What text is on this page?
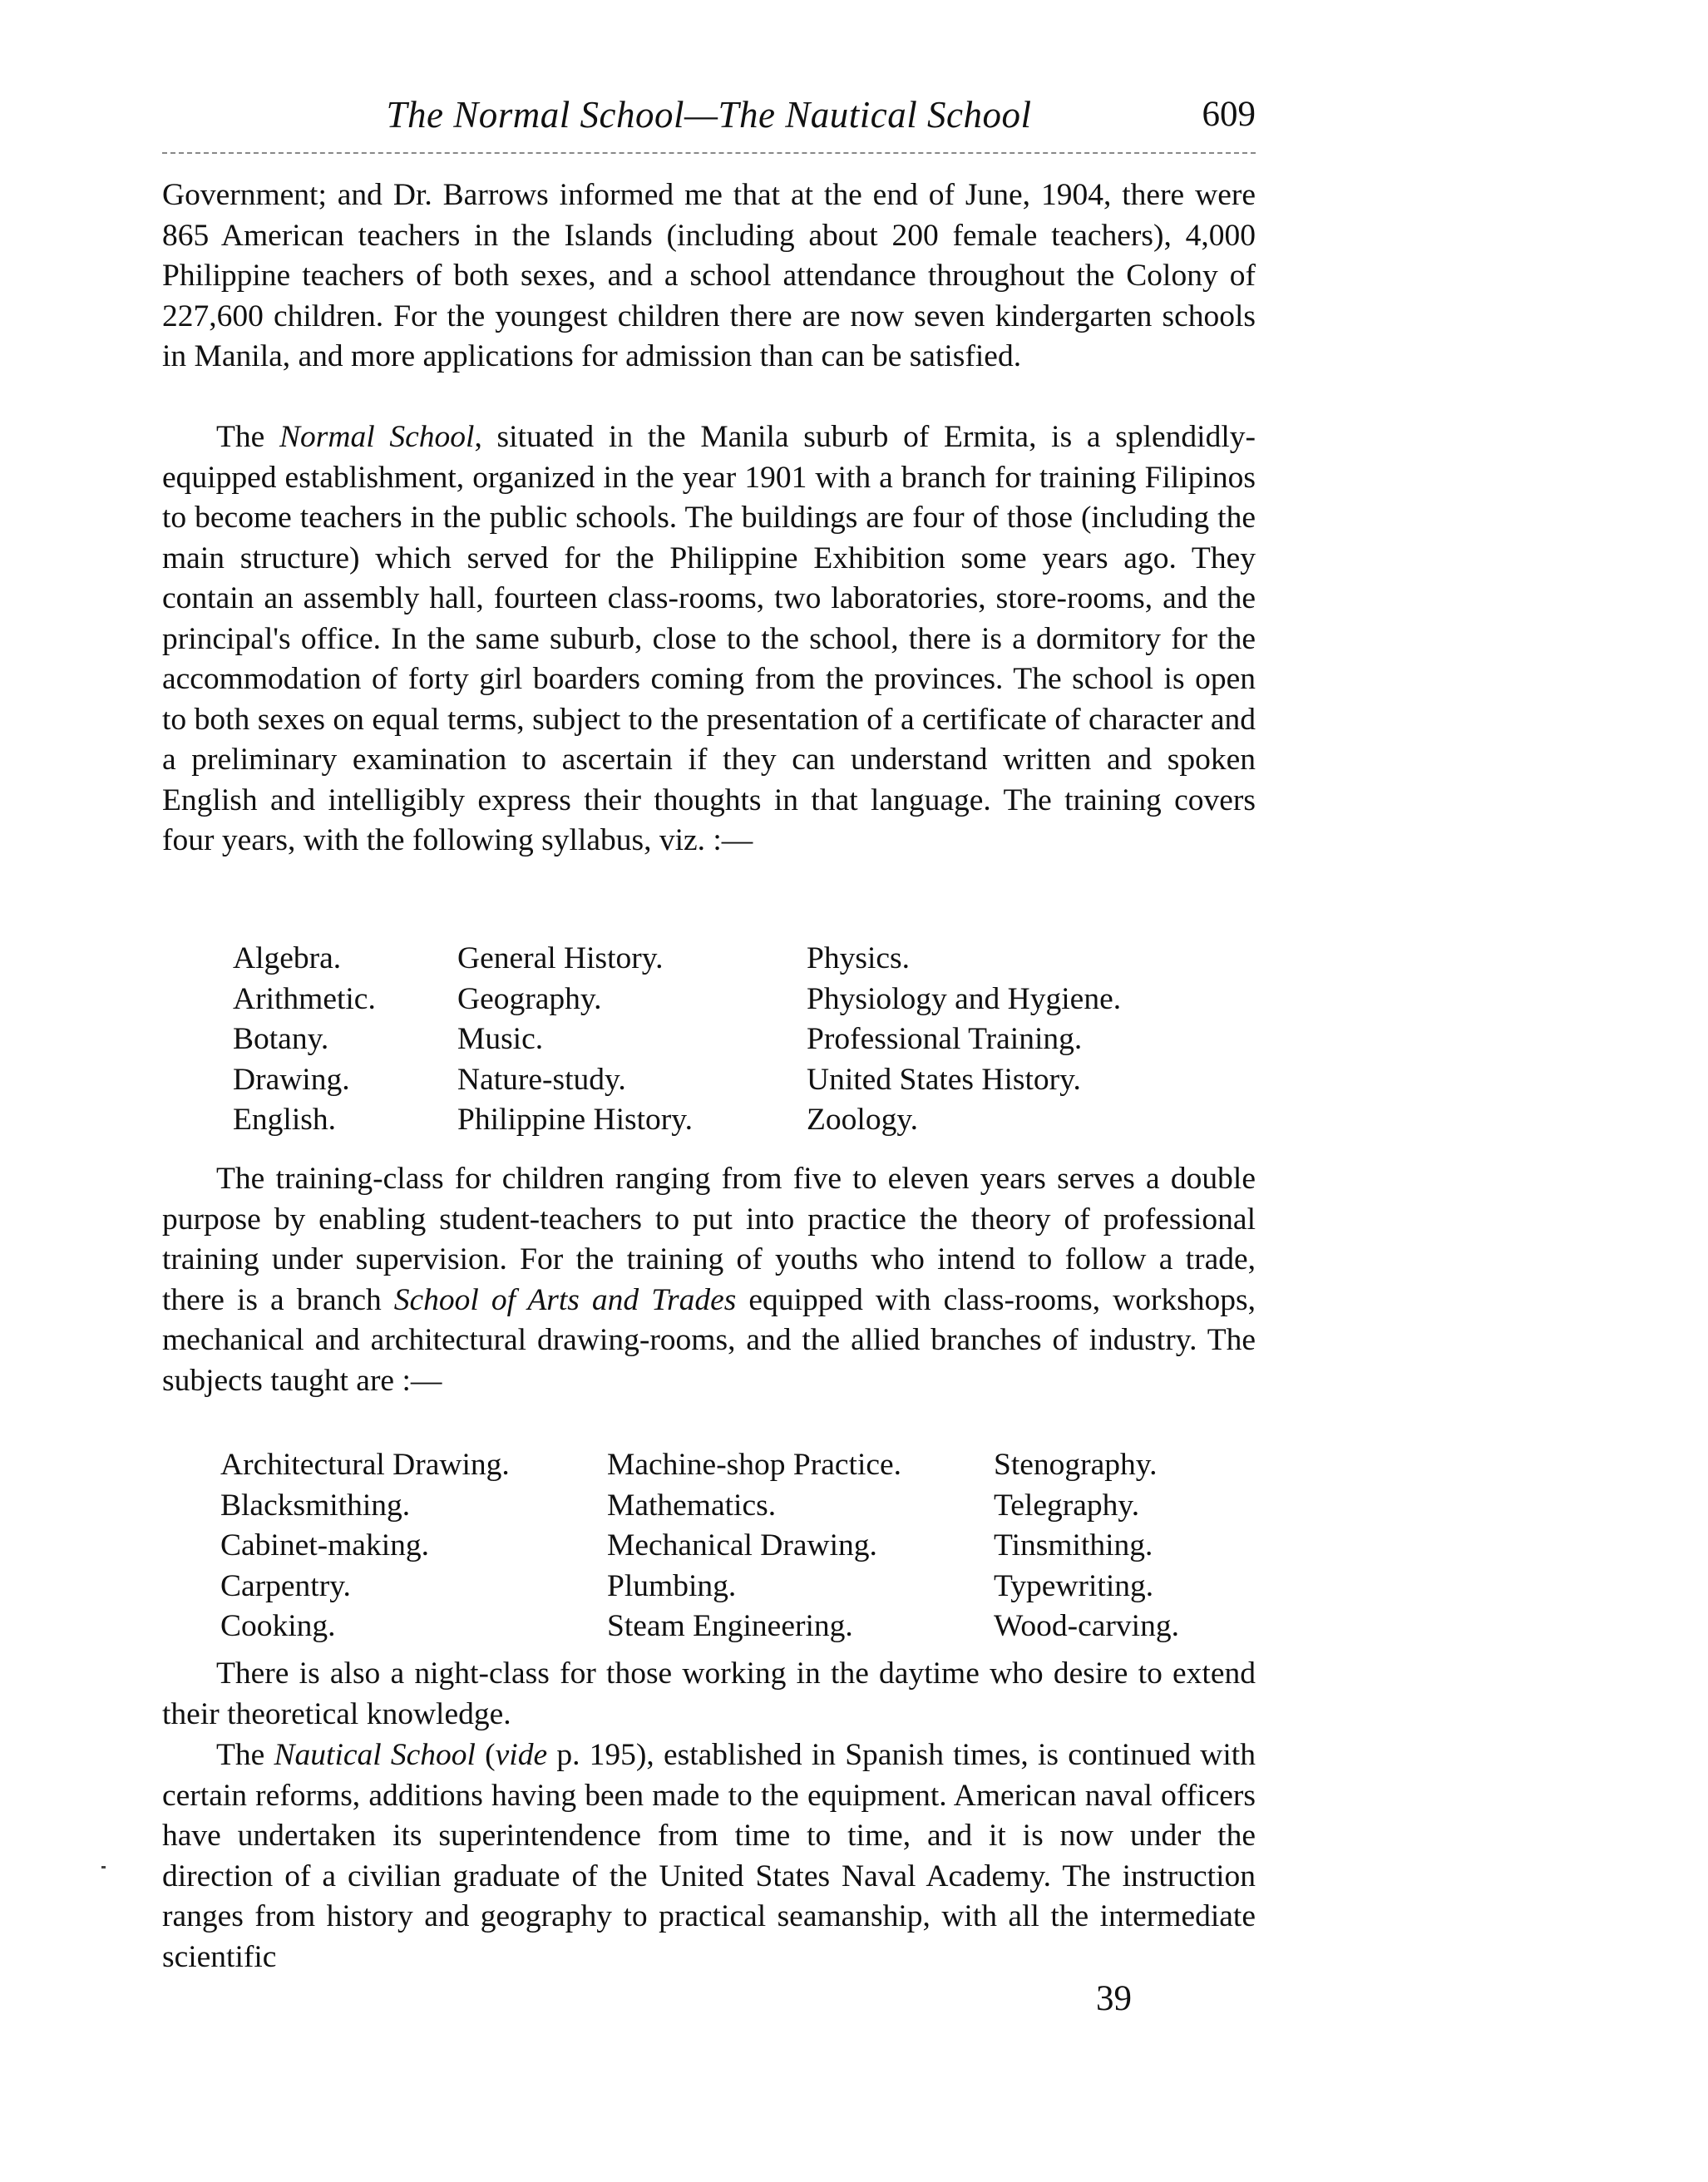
The Normal School—The Nautical School	609

Government; and Dr. Barrows informed me that at the end of June, 1904, there were 865 American teachers in the Islands (including about 200 female teachers), 4,000 Philippine teachers of both sexes, and a school attendance throughout the Colony of 227,600 children. For the youngest children there are now seven kindergarten schools in Manila, and more applications for admission than can be satisfied.

The Normal School, situated in the Manila suburb of Ermita, is a splendidly-equipped establishment, organized in the year 1901 with a branch for training Filipinos to become teachers in the public schools. The buildings are four of those (including the main structure) which served for the Philippine Exhibition some years ago. They contain an assembly hall, fourteen class-rooms, two laboratories, store-rooms, and the principal's office. In the same suburb, close to the school, there is a dormitory for the accommodation of forty girl boarders coming from the provinces. The school is open to both sexes on equal terms, subject to the presentation of a certificate of character and a preliminary examination to ascertain if they can understand written and spoken English and intelligibly express their thoughts in that language. The training covers four years, with the following syllabus, viz. :—

Algebra.	General History.	Physics.
Arithmetic.	Geography.	Physiology and Hygiene.
Botany.	Music.	Professional Training.
Drawing.	Nature-study.	United States History.
English.	Philippine History.	Zoology.

The training-class for children ranging from five to eleven years serves a double purpose by enabling student-teachers to put into practice the theory of professional training under supervision. For the training of youths who intend to follow a trade, there is a branch School of Arts and Trades equipped with class-rooms, workshops, mechanical and architectural drawing-rooms, and the allied branches of industry. The subjects taught are :—

Architectural Drawing.	Machine-shop Practice.	Stenography.
Blacksmithing.	Mathematics.	Telegraphy.
Cabinet-making.	Mechanical Drawing.	Tinsmithing.
Carpentry.	Plumbing.	Typewriting.
Cooking.	Steam Engineering.	Wood-carving.

There is also a night-class for those working in the daytime who desire to extend their theoretical knowledge.

The Nautical School (vide p. 195), established in Spanish times, is continued with certain reforms, additions having been made to the equipment. American naval officers have undertaken its superintendence from time to time, and it is now under the direction of a civilian graduate of the United States Naval Academy. The instruction ranges from history and geography to practical seamanship, with all the intermediate scientific

39
